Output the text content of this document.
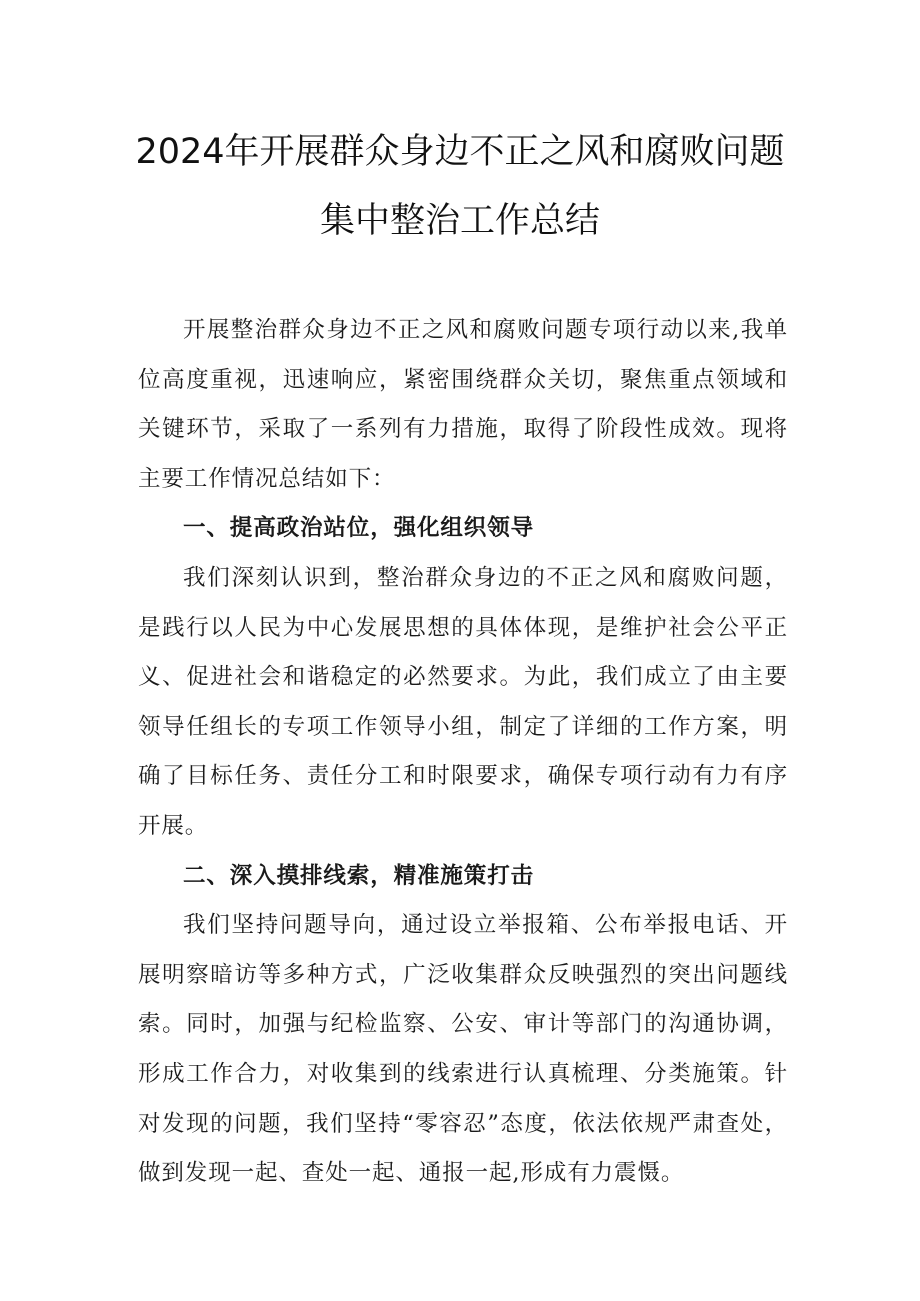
2024年开展群众身边不正之风和腐败问题
集中整治工作总结

开展整治群众身边不正之风和腐败问题专项行动以来,我单位高度重视，迅速响应，紧密围绕群众关切，聚焦重点领域和关键环节，采取了一系列有力措施，取得了阶段性成效。现将主要工作情况总结如下：

一、提高政治站位，强化组织领导

我们深刻认识到，整治群众身边的不正之风和腐败问题，是践行以人民为中心发展思想的具体体现，是维护社会公平正义、促进社会和谐稳定的必然要求。为此，我们成立了由主要领导任组长的专项工作领导小组，制定了详细的工作方案，明确了目标任务、责任分工和时限要求，确保专项行动有力有序开展。

二、深入摸排线索，精准施策打击

我们坚持问题导向，通过设立举报箱、公布举报电话、开展明察暗访等多种方式，广泛收集群众反映强烈的突出问题线索。同时，加强与纪检监察、公安、审计等部门的沟通协调，形成工作合力，对收集到的线索进行认真梳理、分类施策。针对发现的问题，我们坚持“零容忍”态度，依法依规严肃查处，做到发现一起、查处一起、通报一起,形成有力震慑。
